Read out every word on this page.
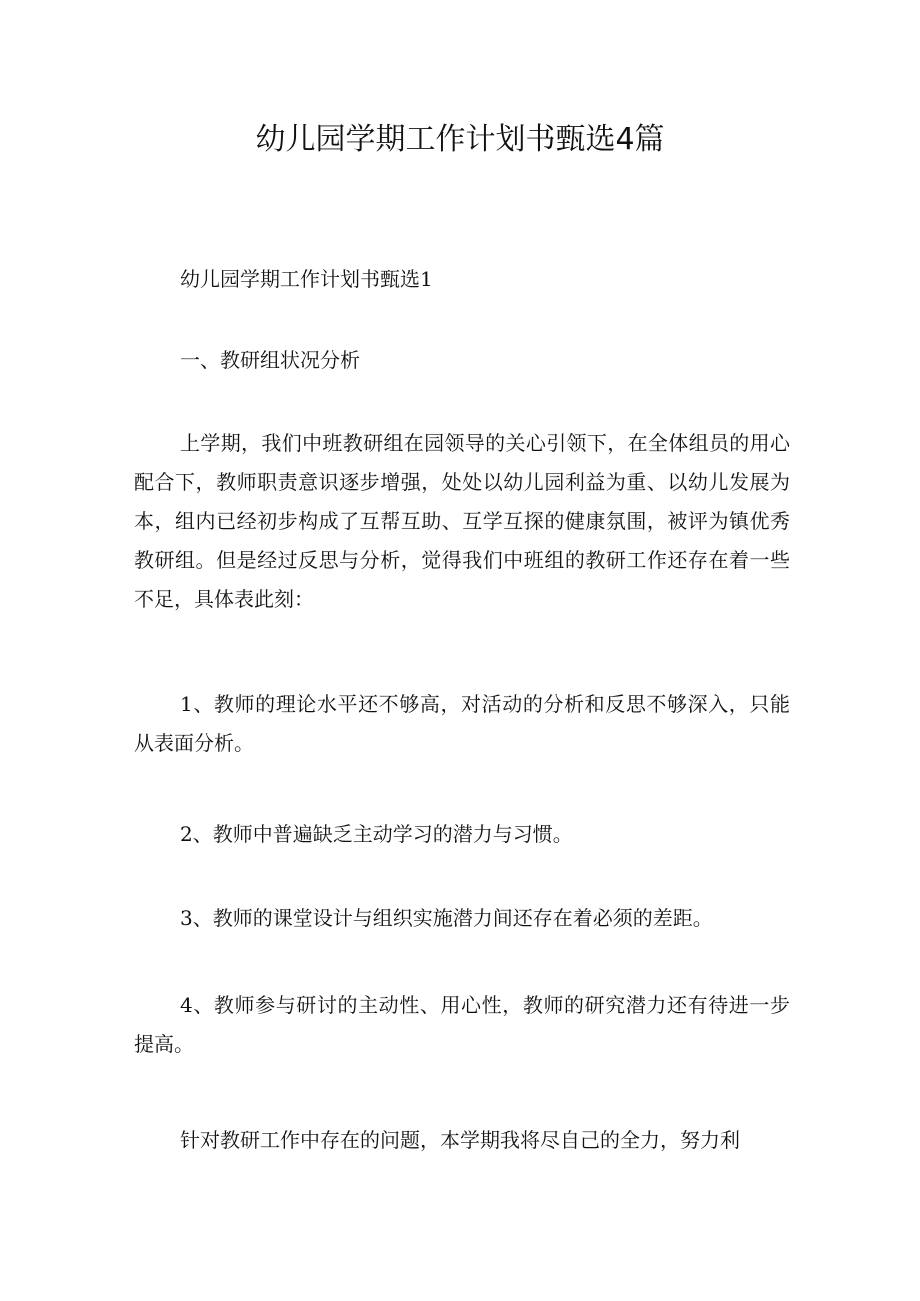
幼儿园学期工作计划书甄选4篇

幼儿园学期工作计划书甄选1

一、教研组状况分析

上学期，我们中班教研组在园领导的关心引领下，在全体组员的用心配合下，教师职责意识逐步增强，处处以幼儿园利益为重、以幼儿发展为本，组内已经初步构成了互帮互助、互学互探的健康氛围，被评为镇优秀教研组。但是经过反思与分析，觉得我们中班组的教研工作还存在着一些不足，具体表此刻：

1、教师的理论水平还不够高，对活动的分析和反思不够深入，只能从表面分析。

2、教师中普遍缺乏主动学习的潜力与习惯。

3、教师的课堂设计与组织实施潜力间还存在着必须的差距。

4、教师参与研讨的主动性、用心性，教师的研究潜力还有待进一步提高。

针对教研工作中存在的问题，本学期我将尽自己的全力，努力利
